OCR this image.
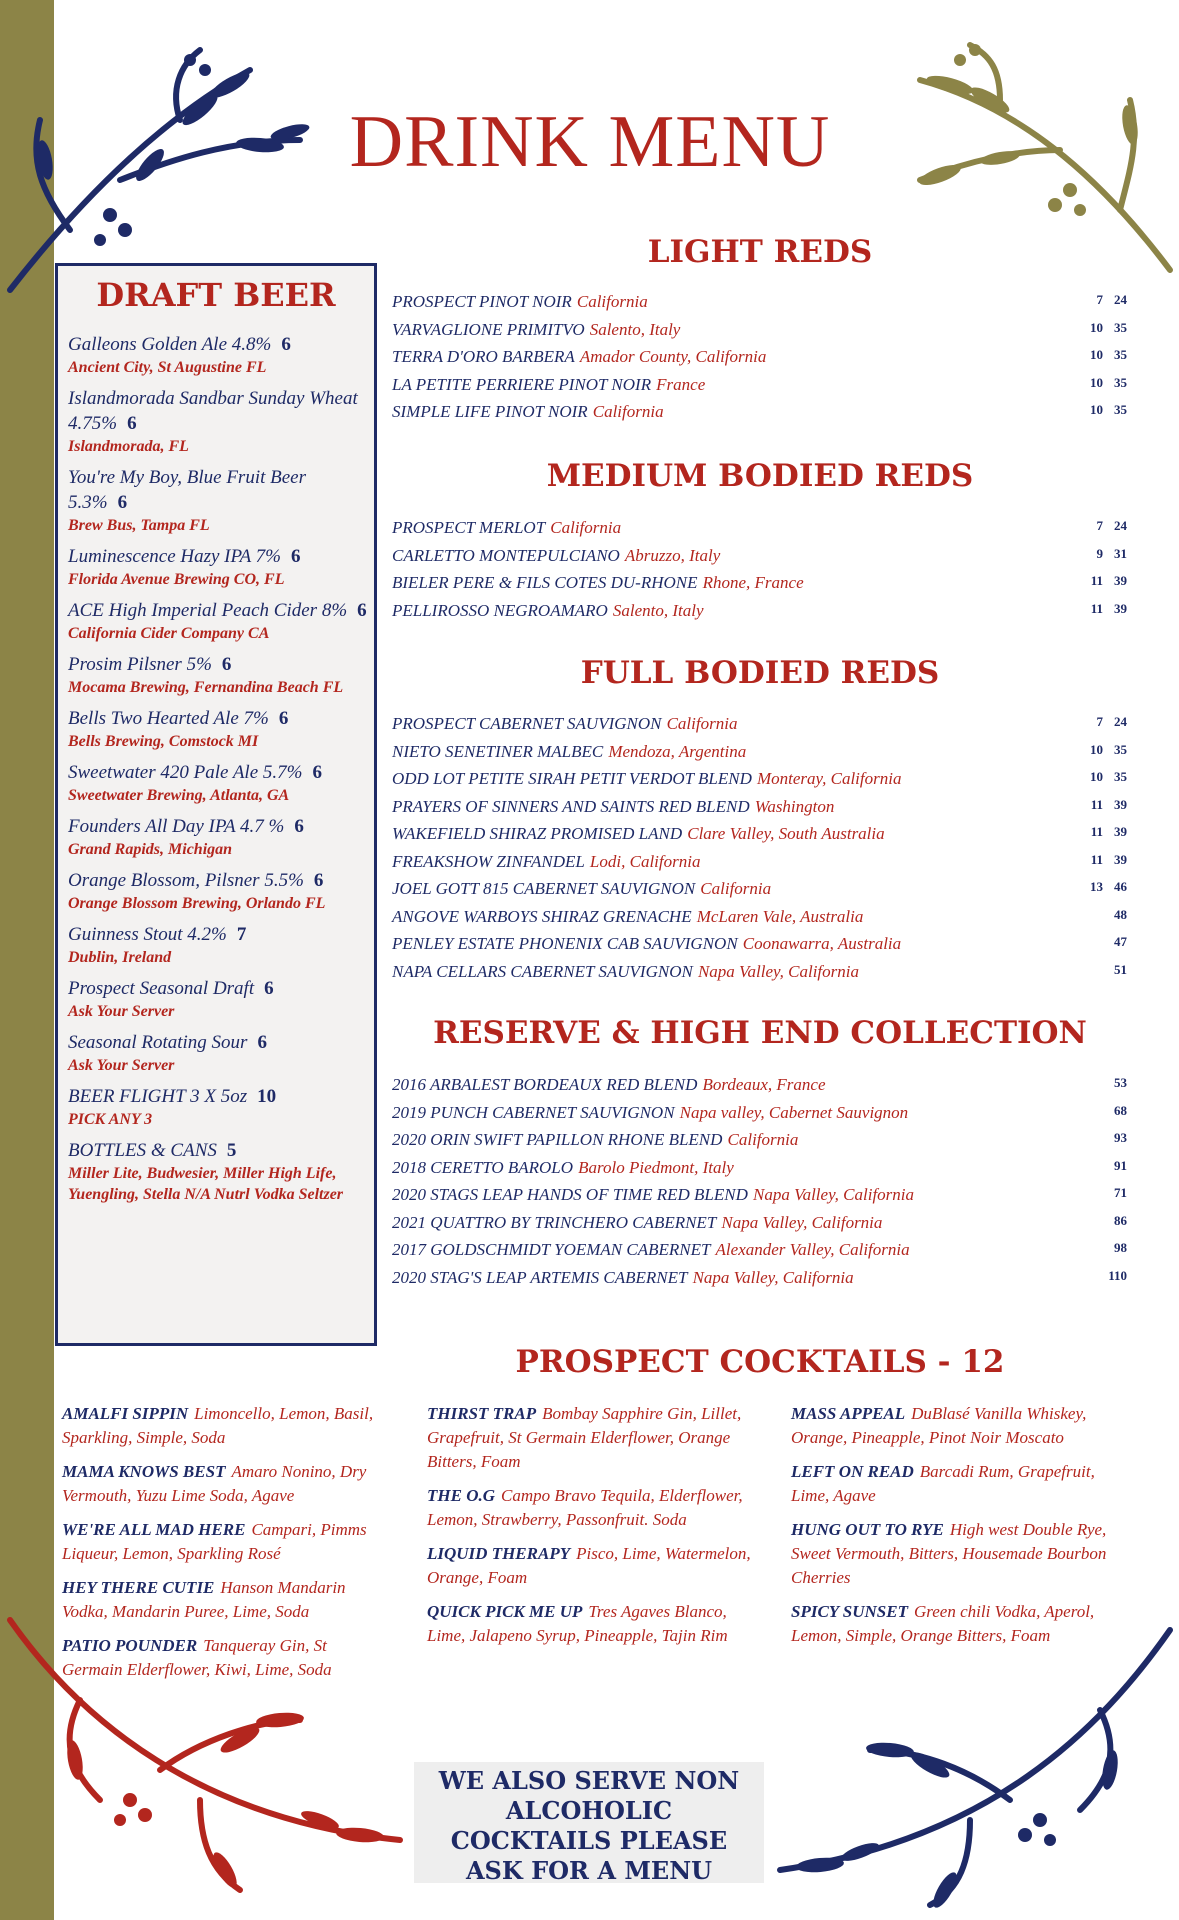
DRINK MENU
DRAFT BEER
Galleons Golden Ale 4.8% 6
Ancient City, St Augustine FL
Islandmorada Sandbar Sunday Wheat 4.75% 6
Islandmorada, FL
You're My Boy, Blue Fruit Beer 5.3% 6
Brew Bus, Tampa FL
Luminescence Hazy IPA 7% 6
Florida Avenue Brewing CO, FL
ACE High Imperial Peach Cider 8% 6
California Cider Company CA
Prosim Pilsner 5% 6
Mocama Brewing, Fernandina Beach FL
Bells Two Hearted Ale 7% 6
Bells Brewing, Comstock MI
Sweetwater 420 Pale Ale 5.7% 6
Sweetwater Brewing, Atlanta, GA
Founders All Day IPA 4.7 % 6
Grand Rapids, Michigan
Orange Blossom, Pilsner 5.5% 6
Orange Blossom Brewing, Orlando FL
Guinness Stout 4.2% 7
Dublin, Ireland
Prospect Seasonal Draft 6
Ask Your Server
Seasonal Rotating Sour 6
Ask Your Server
BEER FLIGHT 3 X 5oz 10
PICK ANY 3
BOTTLES & CANS 5
Miller Lite, Budwesier, Miller High Life, Yuengling, Stella N/A Nutrl Vodka Seltzer
LIGHT REDS
PROSPECT PINOT NOIR California	7 24
VARVAGLIONE PRIMITVO Salento, Italy	10 35
TERRA D'ORO BARBERA Amador County, California	10 35
LA PETITE PERRIERE PINOT NOIR France	10 35
SIMPLE LIFE PINOT NOIR California	10 35
MEDIUM BODIED REDS
PROSPECT MERLOT California	7 24
CARLETTO MONTEPULCIANO Abruzzo, Italy	9 31
BIELER PERE & FILS COTES DU-RHONE Rhone, France	11 39
PELLIROSSO NEGROAMARO Salento, Italy	11 39
FULL BODIED REDS
PROSPECT CABERNET SAUVIGNON California	7 24
NIETO SENETINER MALBEC Mendoza, Argentina	10 35
ODD LOT PETITE SIRAH PETIT VERDOT BLEND Monteray, California	10 35
PRAYERS OF SINNERS AND SAINTS RED BLEND Washington	11 39
WAKEFIELD SHIRAZ PROMISED LAND Clare Valley, South Australia	11 39
FREAKSHOW ZINFANDEL Lodi, California	11 39
JOEL GOTT 815 CABERNET SAUVIGNON California	13 46
ANGOVE WARBOYS SHIRAZ GRENACHE McLaren Vale, Australia	48
PENLEY ESTATE PHONENIX CAB SAUVIGNON Coonawarra, Australia	47
NAPA CELLARS CABERNET SAUVIGNON Napa Valley, California	51
RESERVE & HIGH END COLLECTION
2016 ARBALEST BORDEAUX RED BLEND Bordeaux, France	53
2019 PUNCH CABERNET SAUVIGNON Napa valley, Cabernet Sauvignon	68
2020 ORIN SWIFT PAPILLON RHONE BLEND California	93
2018 CERETTO BAROLO Barolo Piedmont, Italy	91
2020 STAGS LEAP HANDS OF TIME RED BLEND Napa Valley, California	71
2021 QUATTRO BY TRINCHERO CABERNET Napa Valley, California	86
2017 GOLDSCHMIDT YOEMAN CABERNET Alexander Valley, California	98
2020 STAG'S LEAP ARTEMIS CABERNET Napa Valley, California	110
PROSPECT COCKTAILS - 12
AMALFI SIPPIN Limoncello, Lemon, Basil, Sparkling, Simple, Soda
MAMA KNOWS BEST Amaro Nonino, Dry Vermouth, Yuzu Lime Soda, Agave
WE'RE ALL MAD HERE Campari, Pimms Liqueur, Lemon, Sparkling Rosé
HEY THERE CUTIE Hanson Mandarin Vodka, Mandarin Puree, Lime, Soda
PATIO POUNDER Tanqueray Gin, St Germain Elderflower, Kiwi, Lime, Soda
THIRST TRAP Bombay Sapphire Gin, Lillet, Grapefruit, St Germain Elderflower, Orange Bitters, Foam
THE O.G Campo Bravo Tequila, Elderflower, Lemon, Strawberry, Passonfruit. Soda
LIQUID THERAPY Pisco, Lime, Watermelon, Orange, Foam
QUICK PICK ME UP Tres Agaves Blanco, Lime, Jalapeno Syrup, Pineapple, Tajin Rim
MASS APPEAL DuBlasé Vanilla Whiskey, Orange, Pineapple, Pinot Noir Moscato
LEFT ON READ Barcadi Rum, Grapefruit, Lime, Agave
HUNG OUT TO RYE High west Double Rye, Sweet Vermouth, Bitters, Housemade Bourbon Cherries
SPICY SUNSET Green chili Vodka, Aperol, Lemon, Simple, Orange Bitters, Foam
WE ALSO SERVE NON ALCOHOLIC COCKTAILS PLEASE ASK FOR A MENU
